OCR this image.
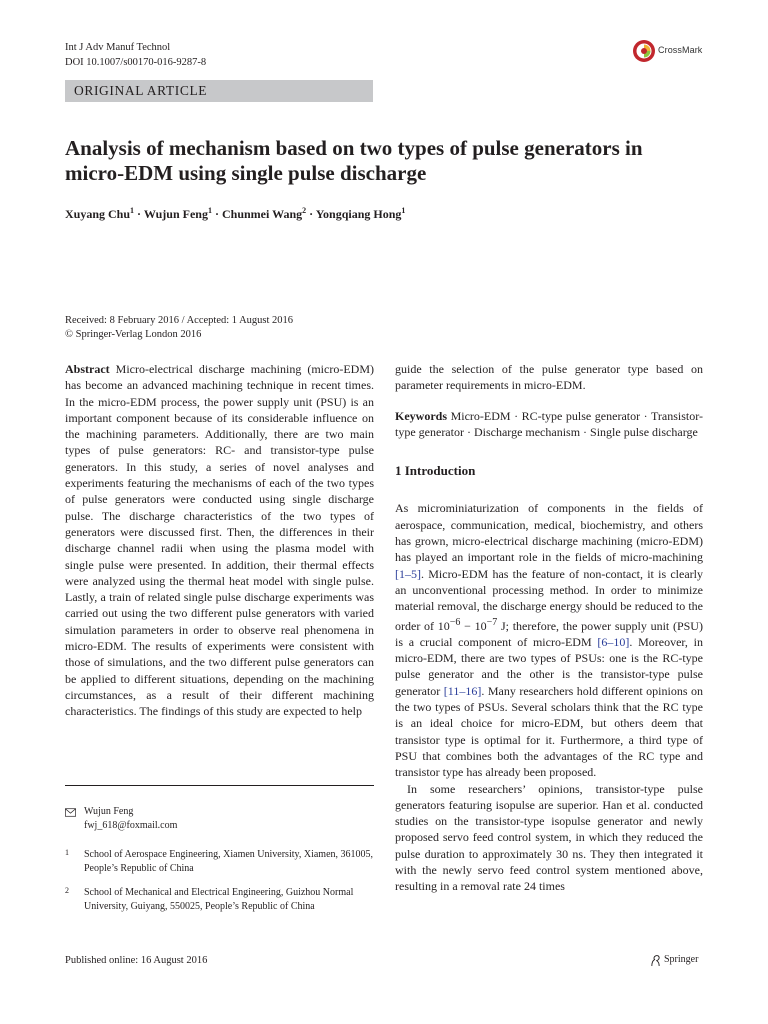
Int J Adv Manuf Technol
DOI 10.1007/s00170-016-9287-8
CrossMark
ORIGINAL ARTICLE
Analysis of mechanism based on two types of pulse generators in micro-EDM using single pulse discharge
Xuyang Chu$^1$ · Wujun Feng$^1$ · Chunmei Wang$^2$ · Yongqiang Hong$^1$
Received: 8 February 2016 / Accepted: 1 August 2016
© Springer-Verlag London 2016

Abstract Micro-electrical discharge machining (micro-EDM) has become an advanced machining technique in recent times. In the micro-EDM process, the power supply unit (PSU) is an important component because of its considerable influence on the machining parameters. Additionally, there are two main types of pulse generators: RC- and transistor-type pulse generators. In this study, a series of novel analyses and experiments featuring the mechanisms of each of the two types of pulse generators were conducted using single discharge pulse. The discharge characteristics of the two types of generators were discussed first. Then, the differences in their discharge channel radii when using the plasma model with single pulse were presented. In addition, their thermal effects were analyzed using the thermal heat model with single pulse. Lastly, a train of related single pulse discharge experiments was carried out using the two different pulse generators with varied simulation parameters in order to observe real phenomena in micro-EDM. The results of experiments were consistent with those of simulations, and the two different pulse generators can be applied to different situations, depending on the machining circumstances, as a result of their different machining characteristics. The findings of this study are expected to help

guide the selection of the pulse generator type based on parameter requirements in micro-EDM.

Keywords Micro-EDM · RC-type pulse generator · Transistor-type generator · Discharge mechanism · Single pulse discharge

1 Introduction

As microminiaturization of components in the fields of aerospace, communication, medical, biochemistry, and others has grown, micro-electrical discharge machining (micro-EDM) has played an important role in the fields of micro-machining [1–5]. Micro-EDM has the feature of non-contact, it is clearly an unconventional processing method. In order to minimize material removal, the discharge energy should be reduced to the order of $10^{-6} - 10^{-7}$ J; therefore, the power supply unit (PSU) is a crucial component of micro-EDM [6–10]. Moreover, in micro-EDM, there are two types of PSUs: one is the RC-type pulse generator and the other is the transistor-type pulse generator [11–16]. Many researchers hold different opinions on the two types of PSUs. Several scholars think that the RC type is an ideal choice for micro-EDM, but others deem that transistor type is optimal for it. Furthermore, a third type of PSU that combines both the advantages of the RC type and transistor type has already been proposed.

In some researchers’ opinions, transistor-type pulse generators featuring isopulse are superior. Han et al. conducted studies on the transistor-type isopulse generator and newly proposed servo feed control system, in which they reduced the pulse duration to approximately 30 ns. They then integrated it with the newly servo feed control system mentioned above, resulting in a removal rate 24 times

Wujun Feng
fwj_618@foxmail.com
1	School of Aerospace Engineering, Xiamen University, Xiamen, 361005, People’s Republic of China
2	School of Mechanical and Electrical Engineering, Guizhou Normal University, Guiyang, 550025, People’s Republic of China
Published online: 16 August 2016	Springer
